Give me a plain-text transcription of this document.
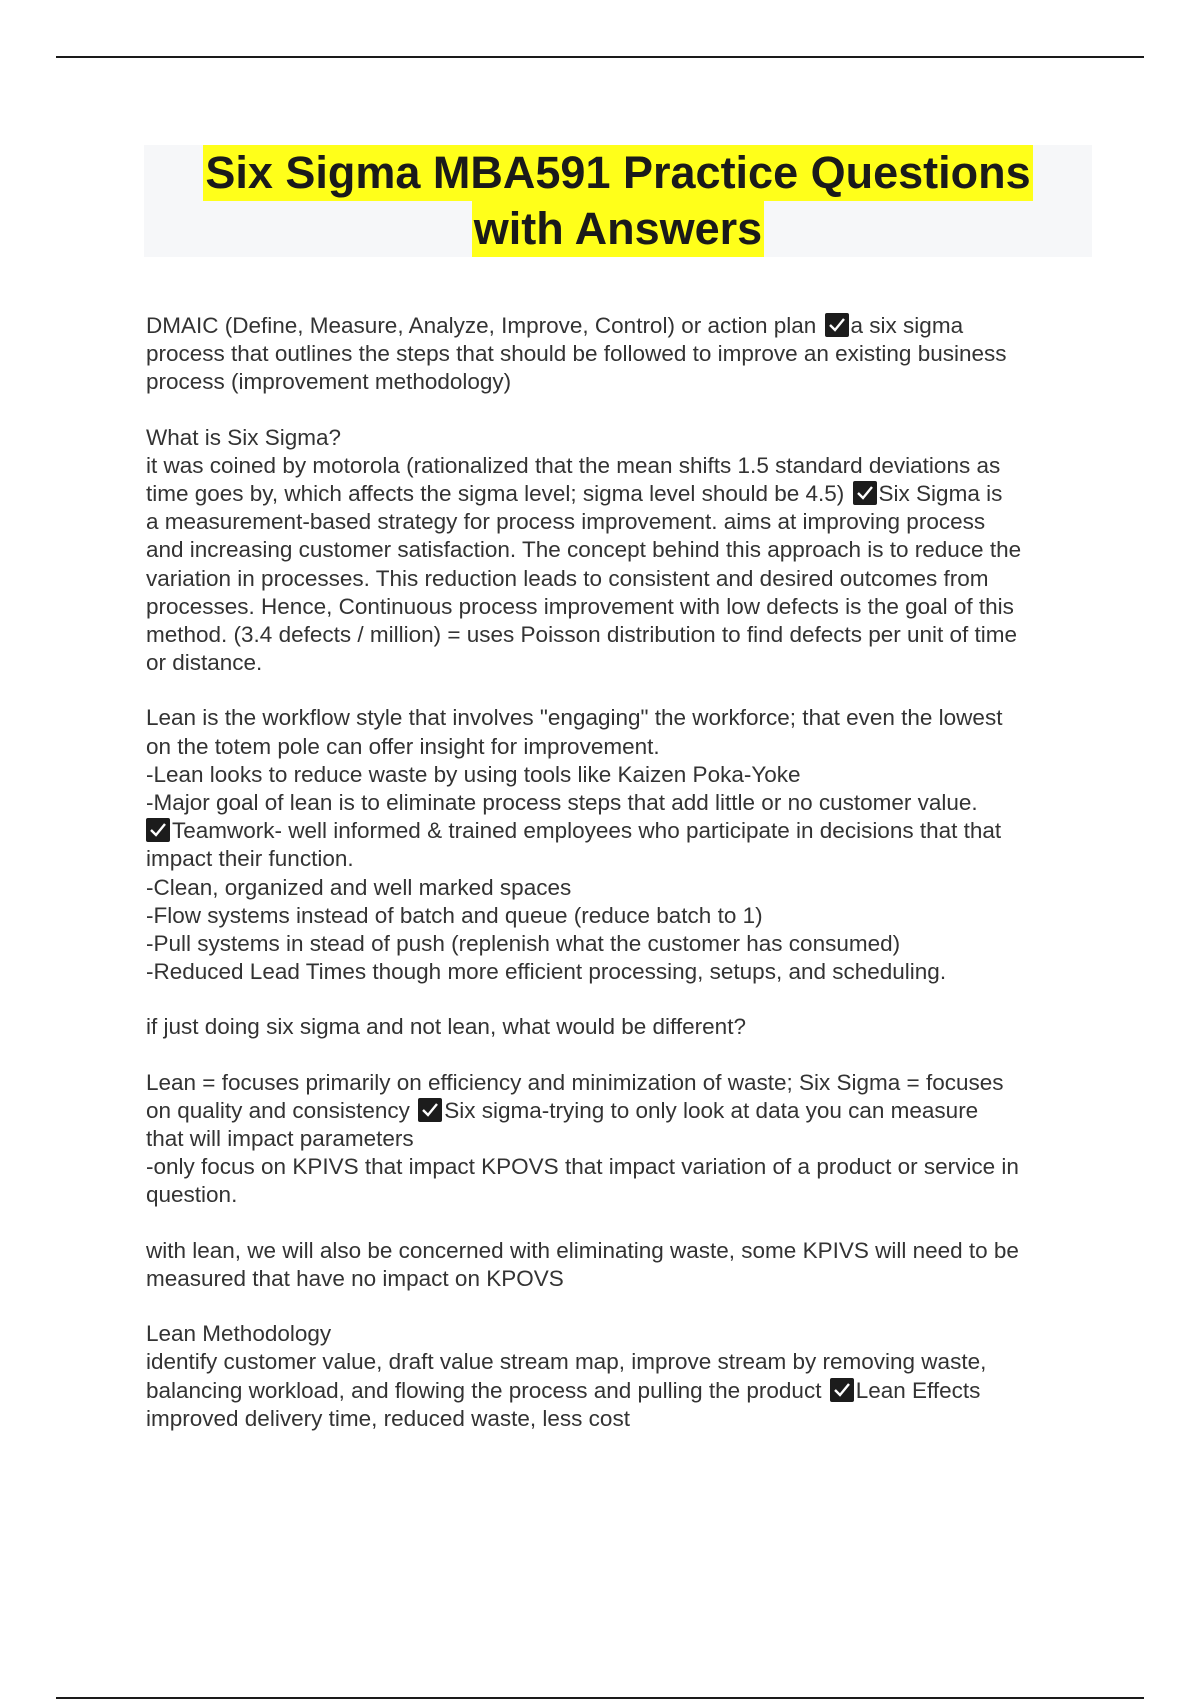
Six Sigma MBA591 Practice Questions
with Answers
DMAIC (Define, Measure, Analyze, Improve, Control) or action plan a six sigma
process that outlines the steps that should be followed to improve an existing business
process (improvement methodology)
What is Six Sigma?
it was coined by motorola (rationalized that the mean shifts 1.5 standard deviations as
time goes by, which affects the sigma level; sigma level should be 4.5) Six Sigma is
a measurement-based strategy for process improvement. aims at improving process
and increasing customer satisfaction. The concept behind this approach is to reduce the
variation in processes. This reduction leads to consistent and desired outcomes from
processes. Hence, Continuous process improvement with low defects is the goal of this
method. (3.4 defects / million) = uses Poisson distribution to find defects per unit of time
or distance.
Lean is the workflow style that involves "engaging" the workforce; that even the lowest
on the totem pole can offer insight for improvement.
-Lean looks to reduce waste by using tools like Kaizen Poka-Yoke
-Major goal of lean is to eliminate process steps that add little or no customer value.
Teamwork- well informed & trained employees who participate in decisions that that
impact their function.
-Clean, organized and well marked spaces
-Flow systems instead of batch and queue (reduce batch to 1)
-Pull systems in stead of push (replenish what the customer has consumed)
-Reduced Lead Times though more efficient processing, setups, and scheduling.
if just doing six sigma and not lean, what would be different?
Lean = focuses primarily on efficiency and minimization of waste; Six Sigma = focuses
on quality and consistency Six sigma-trying to only look at data you can measure
that will impact parameters
-only focus on KPIVS that impact KPOVS that impact variation of a product or service in
question.
with lean, we will also be concerned with eliminating waste, some KPIVS will need to be
measured that have no impact on KPOVS
Lean Methodology
identify customer value, draft value stream map, improve stream by removing waste,
balancing workload, and flowing the process and pulling the product Lean Effects
improved delivery time, reduced waste, less cost
